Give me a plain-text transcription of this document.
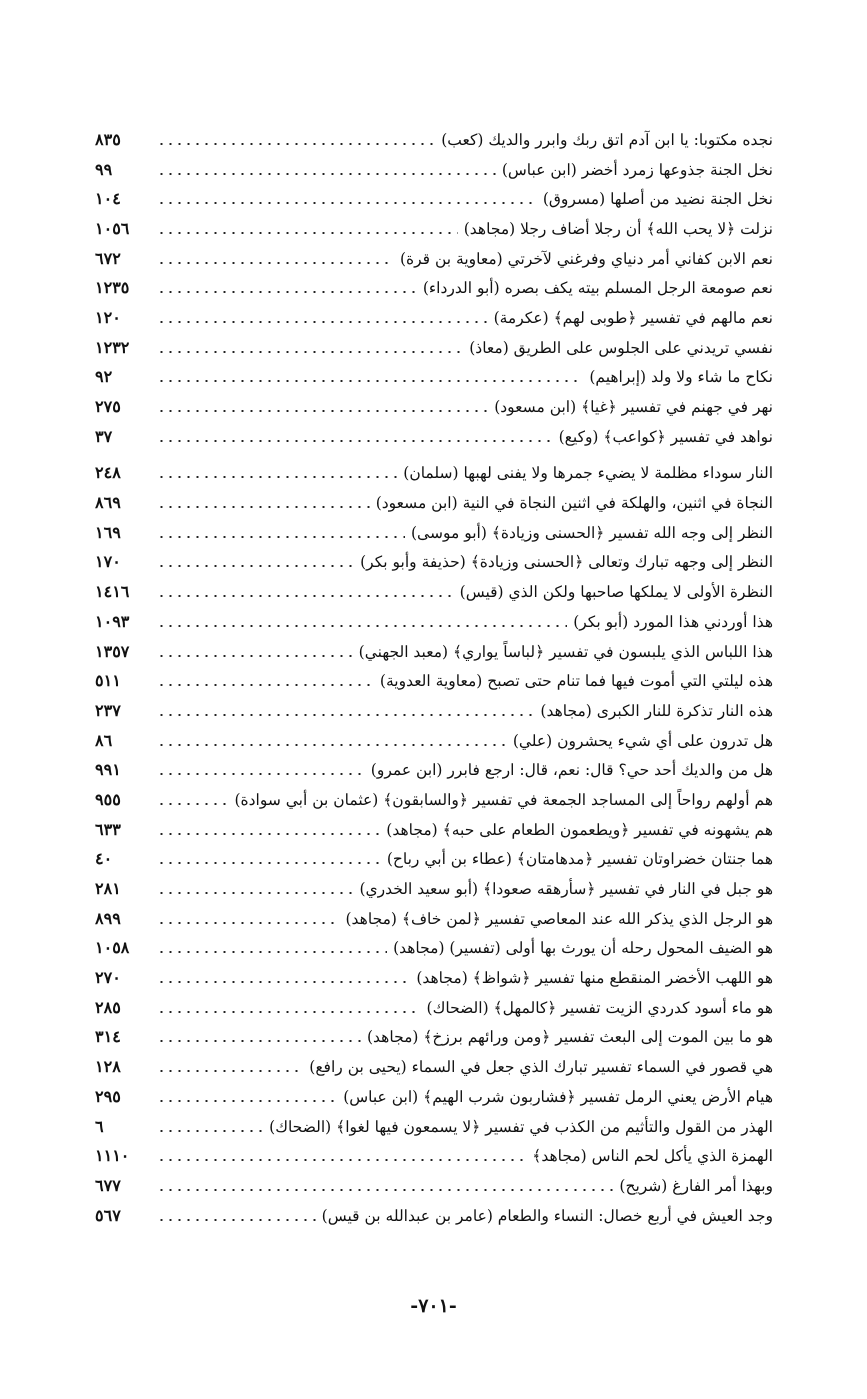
نجده مكتوبا: يا ابن آدم اتق ربك وابرر والديك (كعب)
٨٣٥
نخل الجنة جذوعها زمرد أخضر (ابن عباس)
٩٩
نخل الجنة نضيد من أصلها (مسروق)
١٠٤
نزلت ﴿لا يحب الله﴾ أن رجلا أضاف رجلا (مجاهد)
١٠٥٦
نعم الابن كفاني أمر دنياي وفرغني لآخرتي (معاوية بن قرة)
٦٧٢
نعم صومعة الرجل المسلم بيته يكف بصره (أبو الدرداء)
١٢٣٥
نعم مالهم في تفسير ﴿طوبى لهم﴾ (عكرمة)
١٢٠
نفسي تريدني على الجلوس على الطريق (معاذ)
١٢٣٢
نكاح ما شاء ولا ولد (إبراهيم)
٩٢
نهر في جهنم في تفسير ﴿غيا﴾ (ابن مسعود)
٢٧٥
نواهد في تفسير ﴿كواعب﴾ (وكيع)
٣٧
النار سوداء مظلمة لا يضيء جمرها ولا يفنى لهبها (سلمان)
٢٤٨
النجاة في اثنين، والهلكة في اثنين النجاة في النية (ابن مسعود)
٨٦٩
النظر إلى وجه الله تفسير ﴿الحسنى وزيادة﴾ (أبو موسى)
١٦٩
النظر إلى وجهه تبارك وتعالى ﴿الحسنى وزيادة﴾ (حذيفة وأبو بكر)
١٧٠
النظرة الأولى لا يملكها صاحبها ولكن الذي (قيس)
١٤١٦
هذا أوردني هذا المورد (أبو بكر)
١٠٩٣
هذا اللباس الذي يلبسون في تفسير ﴿لباساً يواري﴾ (معبد الجهني)
١٣٥٧
هذه ليلتي التي أموت فيها فما تنام حتى تصبح (معاوية العدوية)
٥١١
هذه النار تذكرة للنار الكبرى (مجاهد)
٢٣٧
هل تدرون على أي شيء يحشرون (علي)
٨٦
هل من والديك أحد حي؟ قال: نعم، قال: ارجع فابرر (ابن عمرو)
٩٩١
هم أولهم رواحاً إلى المساجد الجمعة في تفسير ﴿والسابقون﴾ (عثمان بن أبي سوادة)
٩٥٥
هم يشهونه في تفسير ﴿ويطعمون الطعام على حبه﴾ (مجاهد)
٦٣٣
هما جنتان خضراوتان تفسير ﴿مدهامتان﴾ (عطاء بن أبي رباح)
٤٠
هو جبل في النار في تفسير ﴿سأرهقه صعودا﴾ (أبو سعيد الخدري)
٢٨١
هو الرجل الذي يذكر الله عند المعاصي تفسير ﴿لمن خاف﴾ (مجاهد)
٨٩٩
هو الضيف المحول رحله أن يورث بها أولى (تفسير) (مجاهد)
١٠٥٨
هو اللهب الأخضر المنقطع منها تفسير ﴿شواظ﴾ (مجاهد)
٢٧٠
هو ماء أسود كدردي الزيت تفسير ﴿كالمهل﴾ (الضحاك)
٢٨٥
هو ما بين الموت إلى البعث تفسير ﴿ومن ورائهم برزخ﴾ (مجاهد)
٣١٤
هي قصور في السماء تفسير تبارك الذي جعل في السماء (يحيى بن رافع)
١٢٨
هيام الأرض يعني الرمل تفسير ﴿فشاربون شرب الهيم﴾ (ابن عباس)
٢٩٥
الهذر من القول والتأثيم من الكذب في تفسير ﴿لا يسمعون فيها لغوا﴾ (الضحاك)
٦
الهمزة الذي يأكل لحم الناس (مجاهد﴾
١١١٠
وبهذا أمر الفارغ (شريح)
٦٧٧
وجد العيش في أربع خصال: النساء والطعام (عامر بن عبدالله بن قيس)
٥٦٧
-٧٠١-
